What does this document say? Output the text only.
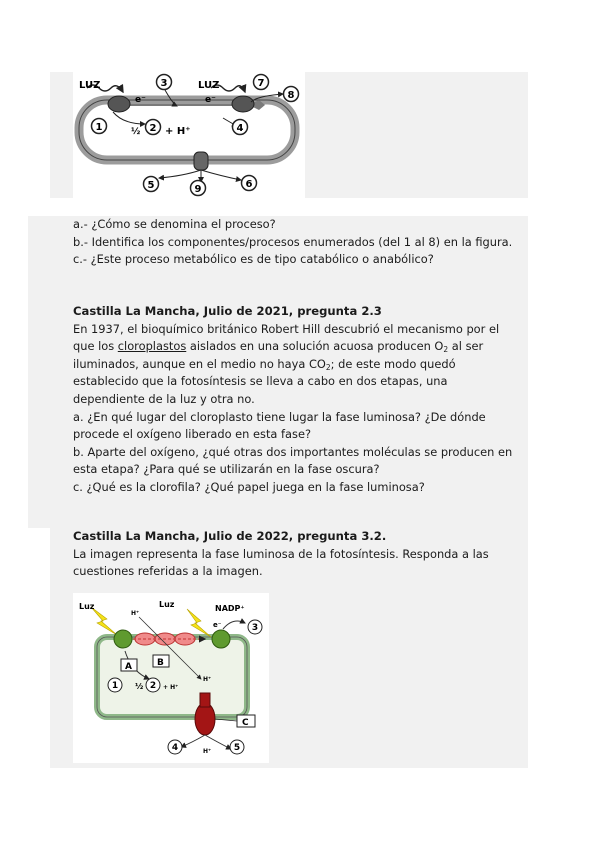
LUZ	LUZ
e⁻	e⁻
½ + H⁺
1	2
3
4
5	6
7
8
9

a.- ¿Cómo se denomina el proceso?

b.- Identifica los componentes/procesos enumerados (del 1 al 8) en la figura.

c.- ¿Este proceso metabólico es de tipo catabólico o anabólico?

Castilla La Mancha, Julio de 2021, pregunta 2.3

En 1937, el bioquímico británico Robert Hill descubrió el mecanismo por el

que los cloroplastos aislados en una solución acuosa producen $O_2$ al ser

iluminados, aunque en el medio no haya $CO_2$; de este modo quedó

establecido que la fotosíntesis se lleva a cabo en dos etapas, una

dependiente de la luz y otra no.

a. ¿En qué lugar del cloroplasto tiene lugar la fase luminosa? ¿De dónde

procede el oxígeno liberado en esta fase?

b. Aparte del oxígeno, ¿qué otras dos importantes moléculas se producen en

esta etapa? ¿Para qué se utilizarán en la fase oscura?

c. ¿Qué es la clorofila? ¿Qué papel juega en la fase luminosa?

Castilla La Mancha, Julio de 2022, pregunta 3.2.

La imagen representa la fase luminosa de la fotosíntesis. Responda a las

cuestiones referidas a la imagen.

Luz	Luz	NADP⁺
H⁺
e⁻
H⁺
H⁺
½	+ H⁺
A	B
C
1	2
3
4	5
